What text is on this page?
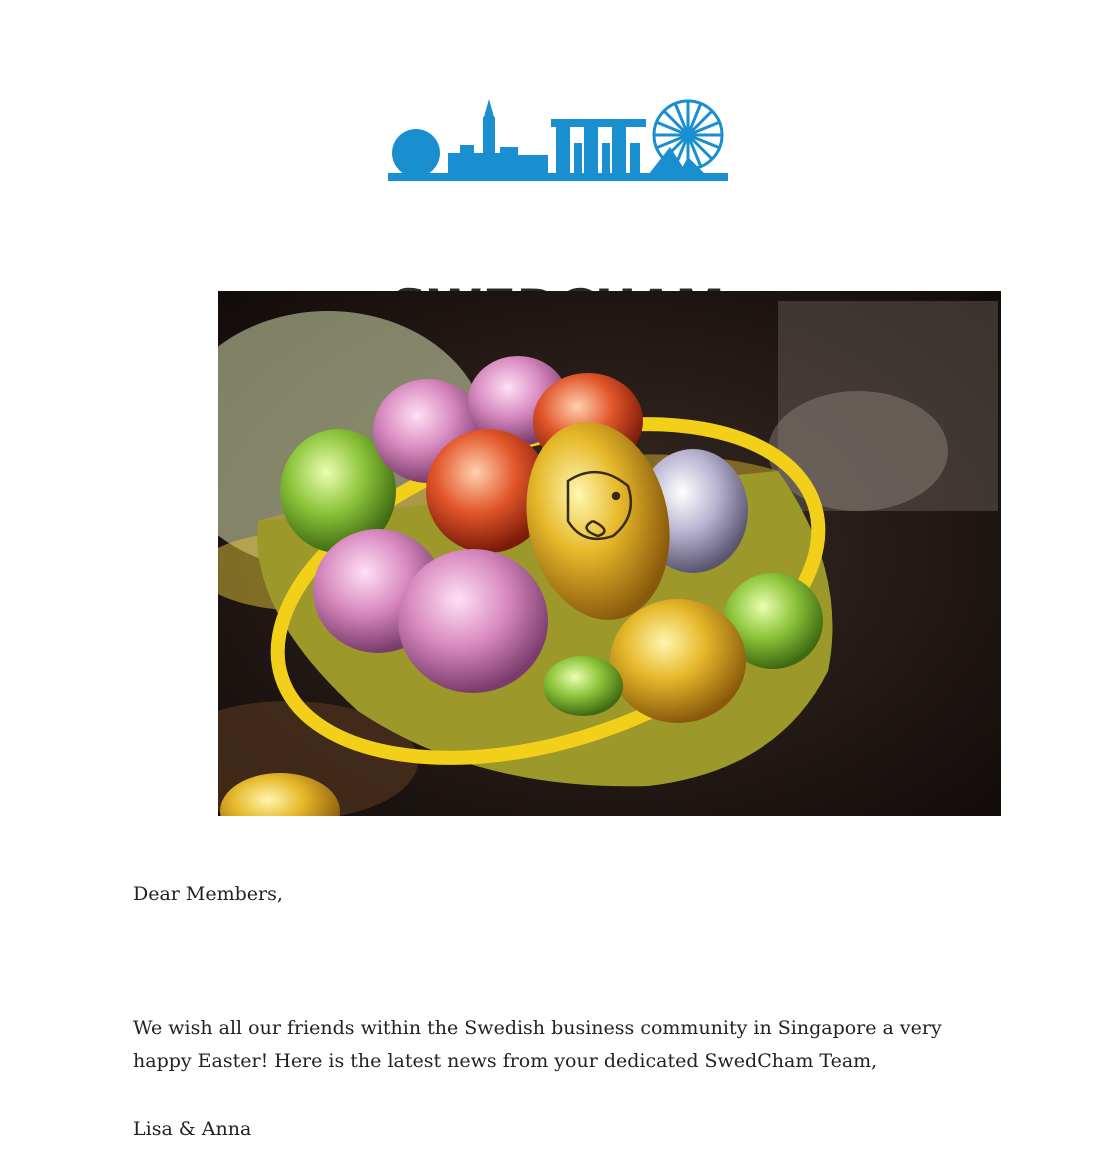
Dear Members,

We wish all our friends within the Swedish business community in Singapore a very happy Easter! Here is the latest news from your dedicated SwedCham Team,

Lisa & Anna
